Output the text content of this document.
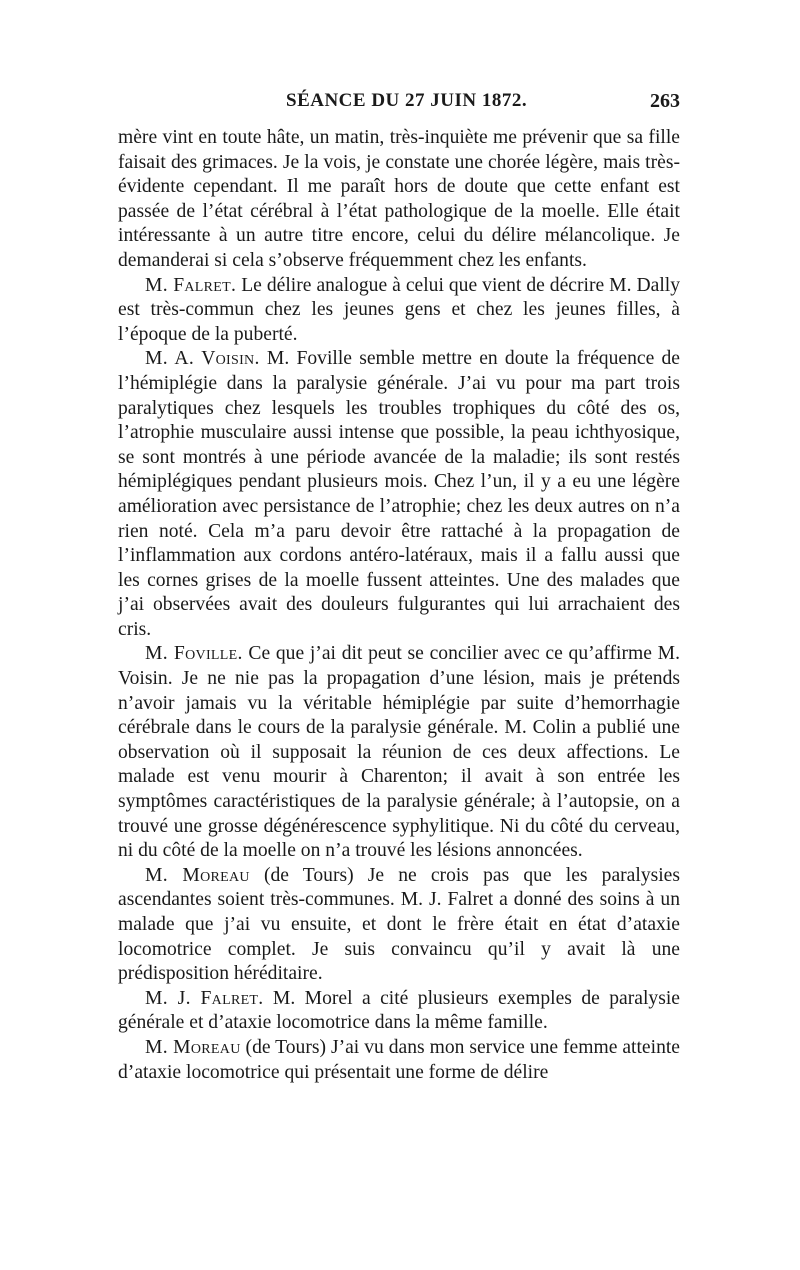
SÉANCE DU 27 JUIN 1872.	263

mère vint en toute hâte, un matin, très-inquiète me prévenir que sa fille faisait des grimaces. Je la vois, je constate une chorée légère, mais très-évidente cependant. Il me paraît hors de doute que cette enfant est passée de l’état cérébral à l’état pathologique de la moelle. Elle était intéressante à un autre titre encore, celui du délire mélancolique. Je demanderai si cela s’observe fréquemment chez les enfants.

M. Falret. Le délire analogue à celui que vient de décrire M. Dally est très-commun chez les jeunes gens et chez les jeunes filles, à l’époque de la puberté.

M. A. Voisin. M. Foville semble mettre en doute la fréquence de l’hémiplégie dans la paralysie générale. J’ai vu pour ma part trois paralytiques chez lesquels les troubles trophiques du côté des os, l’atrophie musculaire aussi intense que possible, la peau ichthyosique, se sont montrés à une période avancée de la maladie; ils sont restés hémiplégiques pendant plusieurs mois. Chez l’un, il y a eu une légère amélioration avec persistance de l’atrophie; chez les deux autres on n’a rien noté. Cela m’a paru devoir être rattaché à la propagation de l’inflammation aux cordons antéro-latéraux, mais il a fallu aussi que les cornes grises de la moelle fussent atteintes. Une des malades que j’ai observées avait des douleurs fulgurantes qui lui arrachaient des cris.

M. Foville. Ce que j’ai dit peut se concilier avec ce qu’affirme M. Voisin. Je ne nie pas la propagation d’une lésion, mais je prétends n’avoir jamais vu la véritable hémiplégie par suite d’hemorrhagie cérébrale dans le cours de la paralysie générale. M. Colin a publié une observation où il supposait la réunion de ces deux affections. Le malade est venu mourir à Charenton; il avait à son entrée les symptômes caractéristiques de la paralysie générale; à l’autopsie, on a trouvé une grosse dégénérescence syphylitique. Ni du côté du cerveau, ni du côté de la moelle on n’a trouvé les lésions annoncées.

M. Moreau (de Tours) Je ne crois pas que les paralysies ascendantes soient très-communes. M. J. Falret a donné des soins à un malade que j’ai vu ensuite, et dont le frère était en état d’ataxie locomotrice complet. Je suis convaincu qu’il y avait là une prédisposition héréditaire.

M. J. Falret. M. Morel a cité plusieurs exemples de paralysie générale et d’ataxie locomotrice dans la même famille.

M. Moreau (de Tours) J’ai vu dans mon service une femme atteinte d’ataxie locomotrice qui présentait une forme de délire
